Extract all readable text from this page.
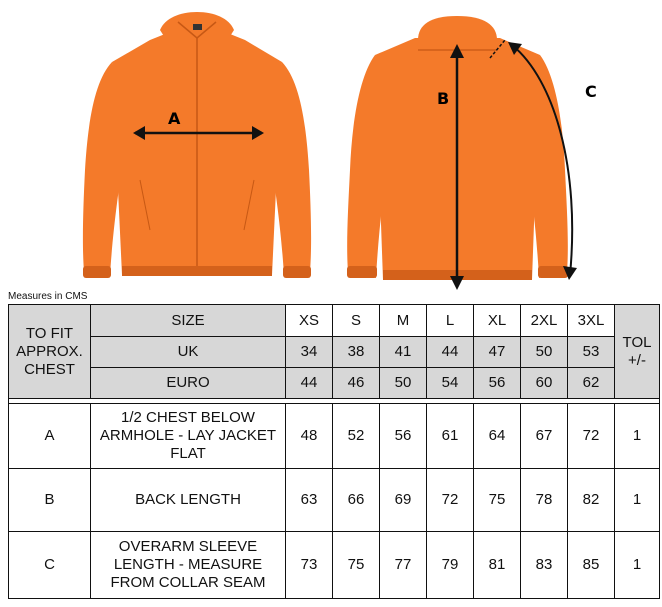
A
B	C
Measures in CMS
TO FIT APPROX. CHEST	SIZE	XS	S	M	L	XL	2XL	3XL	TOL +/-
	UK	34	38	41	44	47	50	53	
	EURO	44	46	50	54	56	60	62	

A	1/2 CHEST BELOW ARMHOLE - LAY JACKET FLAT	48	52	56	61	64	67	72	1
B	BACK LENGTH	63	66	69	72	75	78	82	1
C	OVERARM SLEEVE LENGTH - MEASURE FROM COLLAR SEAM	73	75	77	79	81	83	85	1
